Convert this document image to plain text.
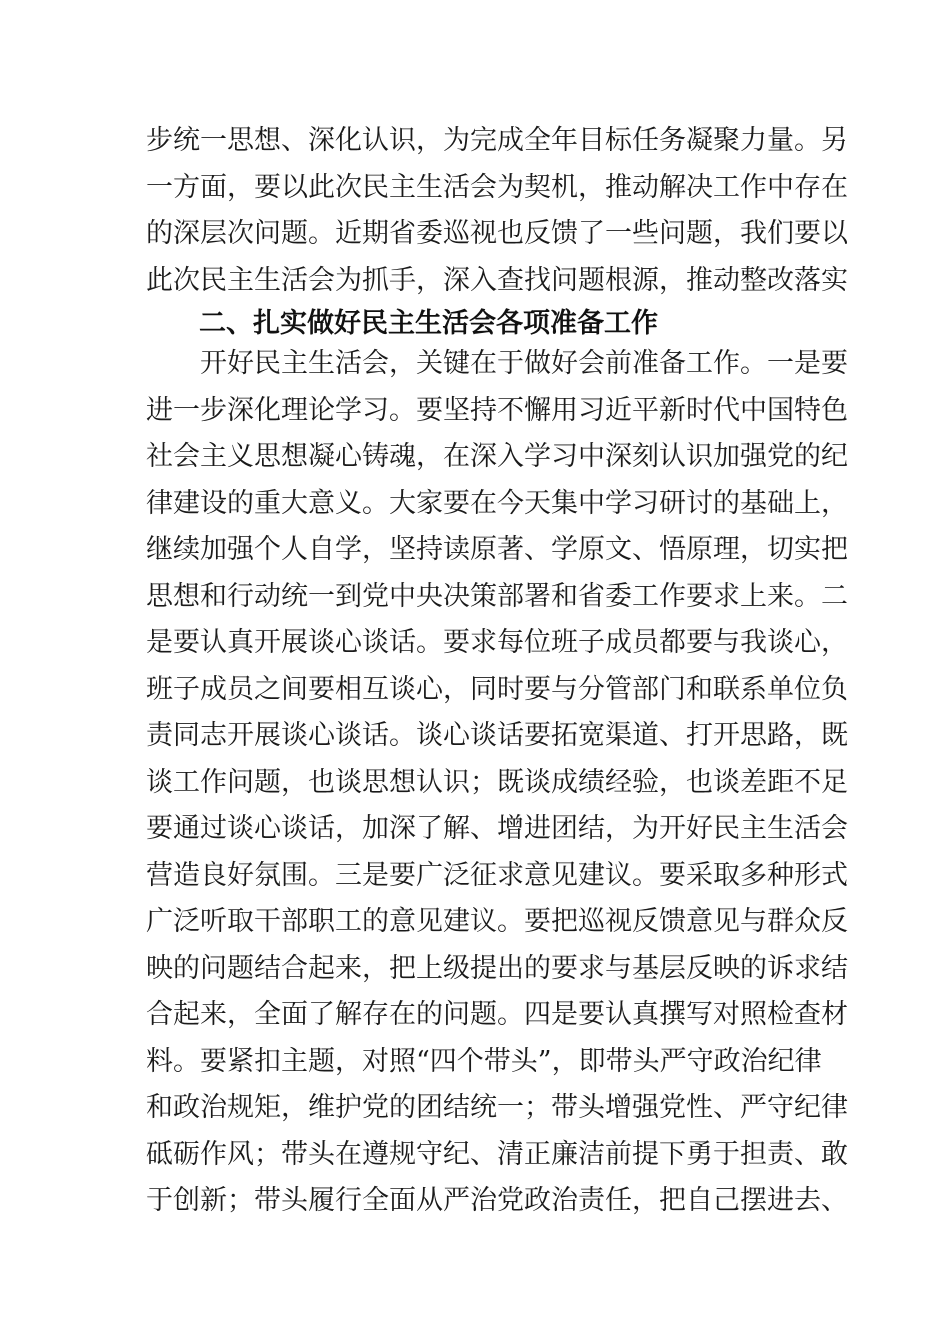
步统一思想、深化认识，为完成全年目标任务凝聚力量。另
一方面，要以此次民主生活会为契机，推动解决工作中存在
的深层次问题。近期省委巡视也反馈了一些问题，我们要以
此次民主生活会为抓手，深入查找问题根源，推动整改落实
二、扎实做好民主生活会各项准备工作
开好民主生活会，关键在于做好会前准备工作。一是要
进一步深化理论学习。要坚持不懈用习近平新时代中国特色
社会主义思想凝心铸魂，在深入学习中深刻认识加强党的纪
律建设的重大意义。大家要在今天集中学习研讨的基础上，
继续加强个人自学，坚持读原著、学原文、悟原理，切实把
思想和行动统一到党中央决策部署和省委工作要求上来。二
是要认真开展谈心谈话。要求每位班子成员都要与我谈心，
班子成员之间要相互谈心，同时要与分管部门和联系单位负
责同志开展谈心谈话。谈心谈话要拓宽渠道、打开思路，既
谈工作问题，也谈思想认识；既谈成绩经验，也谈差距不足
要通过谈心谈话，加深了解、增进团结，为开好民主生活会
营造良好氛围。三是要广泛征求意见建议。要采取多种形式
广泛听取干部职工的意见建议。要把巡视反馈意见与群众反
映的问题结合起来，把上级提出的要求与基层反映的诉求结
合起来，全面了解存在的问题。四是要认真撰写对照检查材
料。要紧扣主题，对照“四个带头”，即带头严守政治纪律
和政治规矩，维护党的团结统一；带头增强党性、严守纪律
砥砺作风；带头在遵规守纪、清正廉洁前提下勇于担责、敢
于创新；带头履行全面从严治党政治责任，把自己摆进去、
